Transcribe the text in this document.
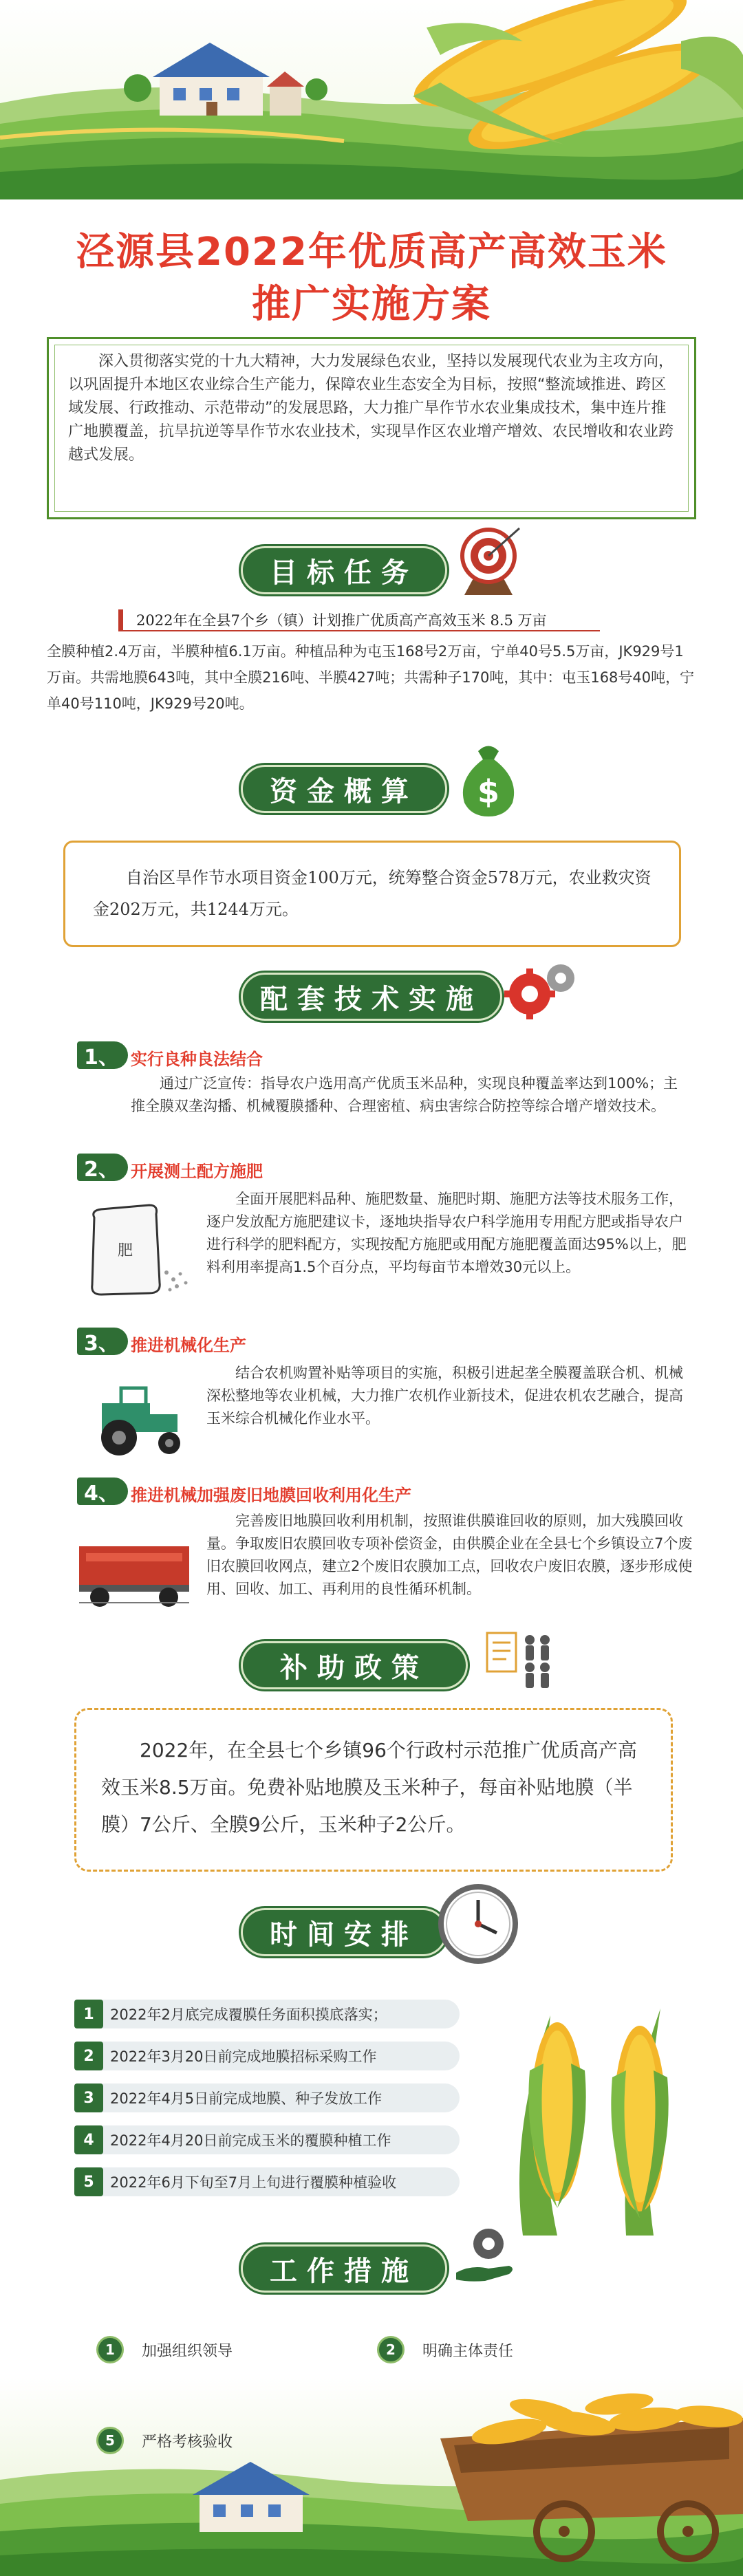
泾源县2022年优质高产高效玉米
推广实施方案

深入贯彻落实党的十九大精神，大力发展绿色农业，坚持以发展现代农业为主攻方向，以巩固提升本地区农业综合生产能力，保障农业生态安全为目标，按照“整流域推进、跨区域发展、行政推动、示范带动”的发展思路，大力推广旱作节水农业集成技术，集中连片推广地膜覆盖，抗旱抗逆等旱作节水农业技术，实现旱作区农业增产增效、农民增收和农业跨越式发展。

目标任务

2022年在全县7个乡（镇）计划推广优质高产高效玉米 8.5 万亩

全膜种植2.4万亩，半膜种植6.1万亩。种植品种为屯玉168号2万亩，宁单40号5.5万亩，JK929号1万亩。共需地膜643吨，其中全膜216吨、半膜427吨；共需种子170吨，其中：屯玉168号40吨，宁单40号110吨，JK929号20吨。
资金概算 $

自治区旱作节水项目资金100万元，统筹整合资金578万元，农业救灾资金202万元，共1244万元。

配套技术实施
1、 实行良种良法结合
通过广泛宣传：指导农户选用高产优质玉米品种，实现良种覆盖率达到100%；主推全膜双垄沟播、机械覆膜播种、合理密植、病虫害综合防控等综合增产增效技术。
2、 开展测土配方施肥
全面开展肥料品种、施肥数量、施肥时期、施肥方法等技术服务工作，逐户发放配方施肥建议卡，逐地块指导农户科学施用专用配方肥或指导农户进行科学的肥料配方，实现按配方施肥或用配方施肥覆盖面达95%以上，肥料利用率提高1.5个百分点，平均每亩节本增效30元以上。
肥
3、 推进机械化生产
结合农机购置补贴等项目的实施，积极引进起垄全膜覆盖联合机、机械深松整地等农业机械，大力推广农机作业新技术，促进农机农艺融合，提高玉米综合机械化作业水平。
4、 推进机械加强废旧地膜回收利用化生产
完善废旧地膜回收利用机制，按照谁供膜谁回收的原则，加大残膜回收量。争取废旧农膜回收专项补偿资金，由供膜企业在全县七个乡镇设立7个废旧农膜回收网点，建立2个废旧农膜加工点，回收农户废旧农膜，逐步形成使用、回收、加工、再利用的良性循环机制。
补助政策

2022年，在全县七个乡镇96个行政村示范推广优质高产高效玉米8.5万亩。免费补贴地膜及玉米种子，每亩补贴地膜（半膜）7公斤、全膜9公斤，玉米种子2公斤。

时间安排
1	2022年2月底完成覆膜任务面积摸底落实；
2	2022年3月20日前完成地膜招标采购工作
3	2022年4月5日前完成地膜、种子发放工作
4	2022年4月20日前完成玉米的覆膜种植工作
5	2022年6月下旬至7月上旬进行覆膜种植验收
工作措施
1	加强组织领导	2	明确主体责任
5	严格考核验收
